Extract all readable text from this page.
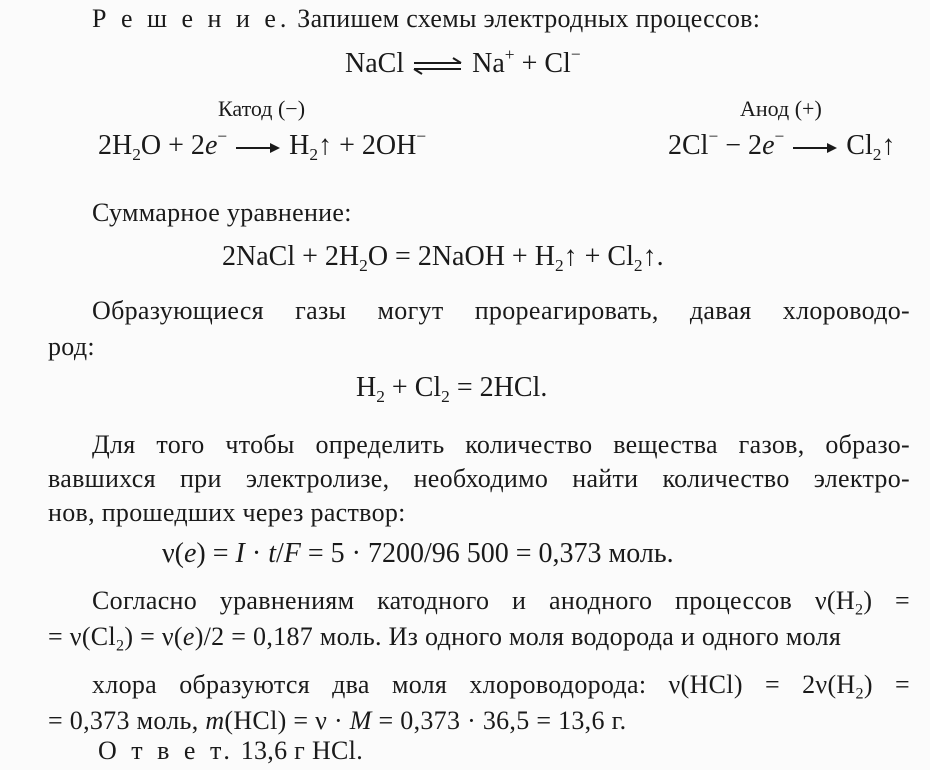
Р е ш е н и е. Запишем схемы электродных процессов:
NaCl ⇌ Na+ + Cl−
Катод (−)	Анод (+)
$2H_2O + 2e^-$ → $H_2↑ + 2OH^-$	$2Cl^- - 2e^- \to Cl_2↑$
Суммарное уравнение:
2NaCl + $2H_2O$ = 2NaOH + $H_2↑$ + $Cl_2↑$.
Образующиеся газы могут прореагировать, давая хлороводо-
род:
$H_2 + Cl_2 = 2HCl$.
Для того чтобы определить количество вещества газов, образо-
вавшихся при электролизе, необходимо найти количество электро-
нов, прошедших через раствор:
ν(e) = I · t/F = 5 · 7200/96 500 = 0,373 моль.
Согласно уравнениям катодного и анодного процессов $\nu(H_2)$ =
= $\nu(Cl_2) = \nu(e)/2 = 0,187$ моль. Из одного моля водорода и одного моля
хлора образуются два моля хлороводорода: $\nu(HCl) = 2\nu(H_2)$ =
= 0,373 моль, m(HCl) = ν · M = 0,373 · 36,5 = 13,6 г.
О т в е т. 13,6 г HCl.
